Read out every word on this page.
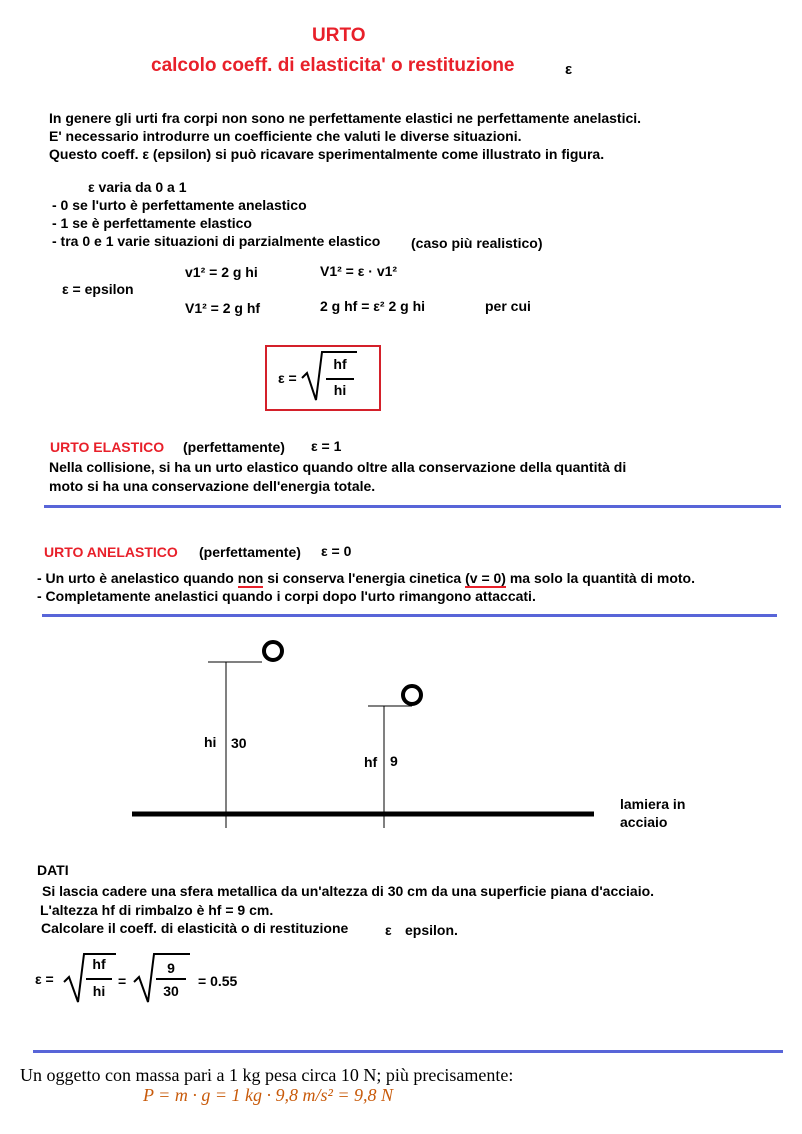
URTO
calcolo coeff. di elasticita' o restituzione	ε
In genere gli urti fra corpi non sono ne perfettamente elastici ne perfettamente anelastici.
E' necessario introdurre un coefficiente che valuti le diverse situazioni.
Questo coeff. ε (epsilon) si può ricavare sperimentalmente come illustrato in figura.
ε varia da 0 a 1
- 0 se l'urto è perfettamente anelastico
- 1 se è perfettamente elastico
- tra 0 e 1 varie situazioni di parzialmente elastico (caso più realistico)
ε = epsilon
v1² = 2 g hi	V1² = ε · v1²
V1² = 2 g hf	2 g hf = ε² 2 g hi	per cui
ε =
hf
hi
URTO ELASTICO (perfettamente) ε = 1
Nella collisione, si ha un urto elastico quando oltre alla conservazione della quantità di
moto si ha una conservazione dell'energia totale.
URTO ANELASTICO (perfettamente) ε = 0
- Un urto è anelastico quando non si conserva l'energia cinetica (v = 0) ma solo la quantità di moto.
- Completamente anelastici quando i corpi dopo l'urto rimangono attaccati.
hi 30
hf 9
lamiera in
acciaio
DATI
Si lascia cadere una sfera metallica da un'altezza di 30 cm da una superficie piana d'acciaio.
L'altezza hf di rimbalzo è hf = 9 cm.
Calcolare il coeff. di elasticità o di restituzione	ε epsilon.
ε =
hf
hi
=
9
30
= 0.55
Un oggetto con massa pari a 1 kg pesa circa 10 N; più precisamente:
P = m · g = 1 kg · 9,8 m/s² = 9,8 N
